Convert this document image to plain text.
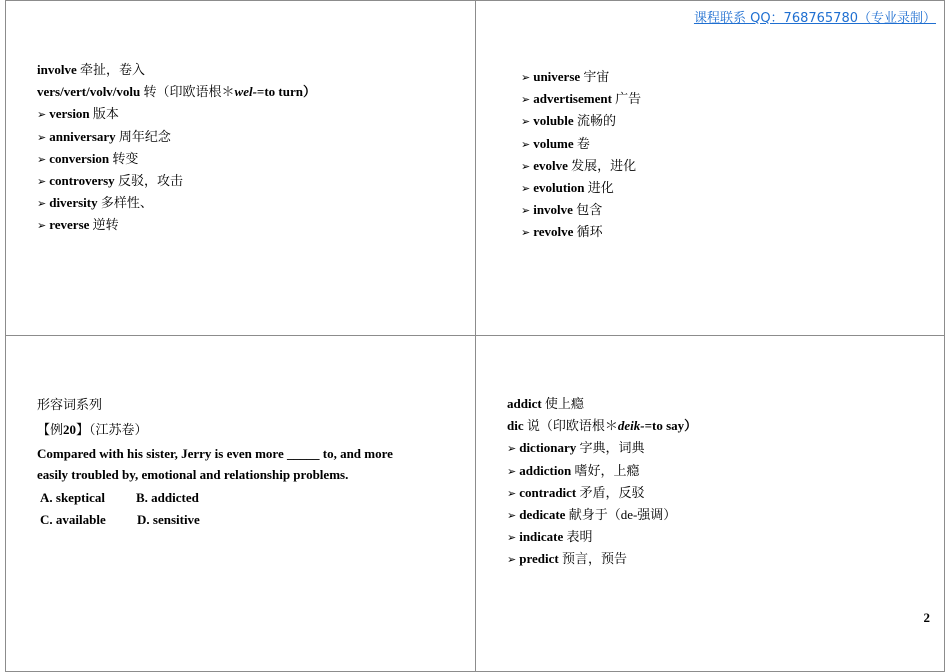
课程联系 QQ：768765780（专业录制）
involve 牵扯，卷入
vers/vert/volv/volu 转（印欧语根＊wel-=to turn）
➢ version 版本
➢ anniversary 周年纪念
➢ conversion 转变
➢ controversy 反驳，攻击
➢ diversity 多样性、
➢ reverse 逆转
➢ universe 宇宙
➢ advertisement 广告
➢ voluble 流畅的
➢ volume 卷
➢ evolve 发展，进化
➢ evolution 进化
➢ involve 包含
➢ revolve 循环
形容词系列
【例20】（江苏卷）
Compared with his sister, Jerry is even more _____ to, and more
easily troubled by, emotional and relationship problems.
A. skeptical B. addicted
C. available D. sensitive
addict 使上瘾
dic 说（印欧语根＊deik-=to say）
➢ dictionary 字典，词典
➢ addiction 嗜好，上瘾
➢ contradict 矛盾，反驳
➢ dedicate 献身于（de-强调）
➢ indicate 表明
➢ predict 预言，预告
2
